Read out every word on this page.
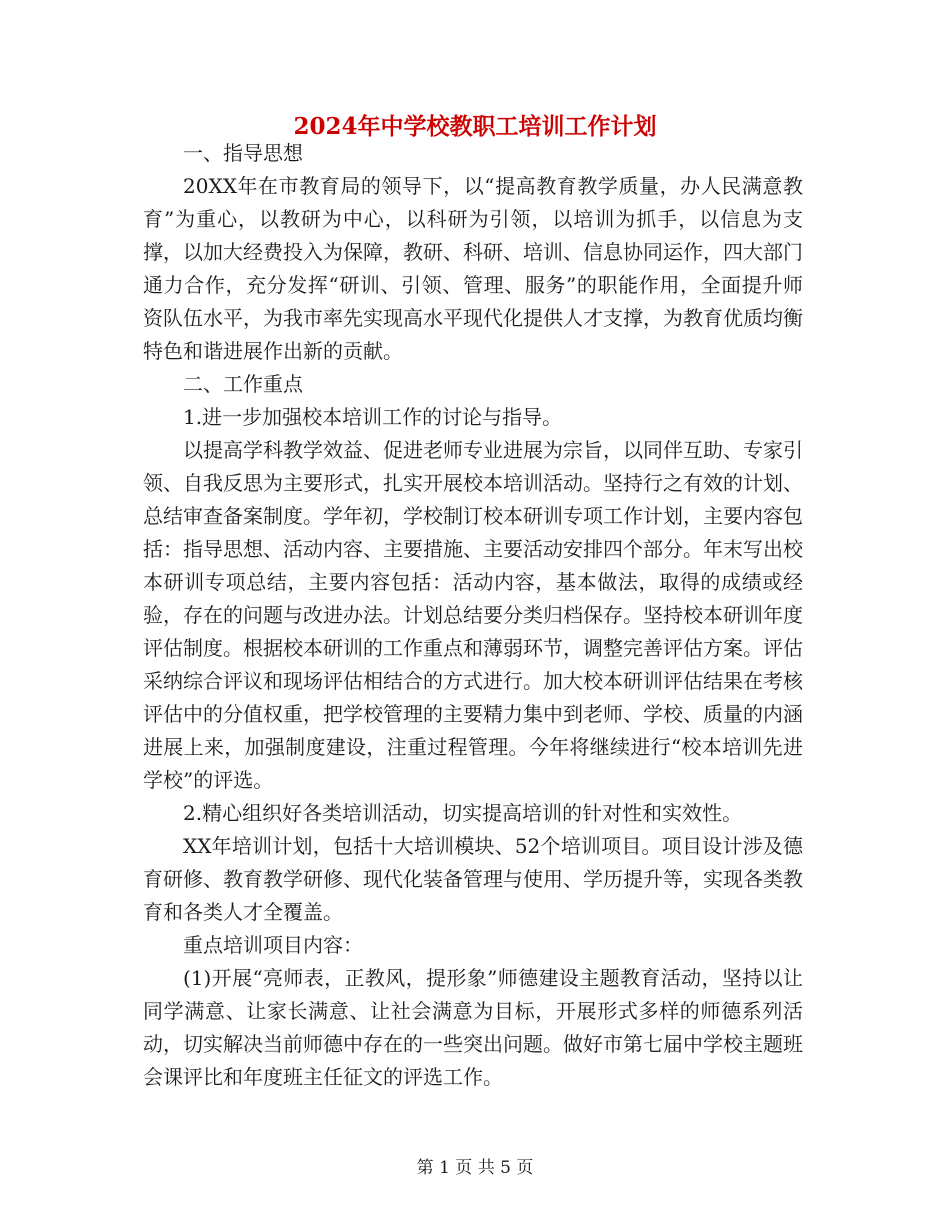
2024年中学校教职工培训工作计划

一、指导思想

20XX年在市教育局的领导下，以“提高教育教学质量，办人民满意教育”为重心，以教研为中心，以科研为引领，以培训为抓手，以信息为支撑，以加大经费投入为保障，教研、科研、培训、信息协同运作，四大部门通力合作，充分发挥“研训、引领、管理、服务”的职能作用，全面提升师资队伍水平，为我市率先实现高水平现代化提供人才支撑，为教育优质均衡特色和谐进展作出新的贡献。

二、工作重点

1.进一步加强校本培训工作的讨论与指导。

以提高学科教学效益、促进老师专业进展为宗旨，以同伴互助、专家引领、自我反思为主要形式，扎实开展校本培训活动。坚持行之有效的计划、总结审查备案制度。学年初，学校制订校本研训专项工作计划，主要内容包括：指导思想、活动内容、主要措施、主要活动安排四个部分。年末写出校本研训专项总结，主要内容包括：活动内容，基本做法，取得的成绩或经验，存在的问题与改进办法。计划总结要分类归档保存。坚持校本研训年度评估制度。根据校本研训的工作重点和薄弱环节，调整完善评估方案。评估采纳综合评议和现场评估相结合的方式进行。加大校本研训评估结果在考核评估中的分值权重，把学校管理的主要精力集中到老师、学校、质量的内涵进展上来，加强制度建设，注重过程管理。今年将继续进行“校本培训先进学校”的评选。

2.精心组织好各类培训活动，切实提高培训的针对性和实效性。

XX年培训计划，包括十大培训模块、52个培训项目。项目设计涉及德育研修、教育教学研修、现代化装备管理与使用、学历提升等，实现各类教育和各类人才全覆盖。

重点培训项目内容：

(1)开展“亮师表，正教风，提形象”师德建设主题教育活动，坚持以让同学满意、让家长满意、让社会满意为目标，开展形式多样的师德系列活动，切实解决当前师德中存在的一些突出问题。做好市第七届中学校主题班会课评比和年度班主任征文的评选工作。

第 1 页 共 5 页
